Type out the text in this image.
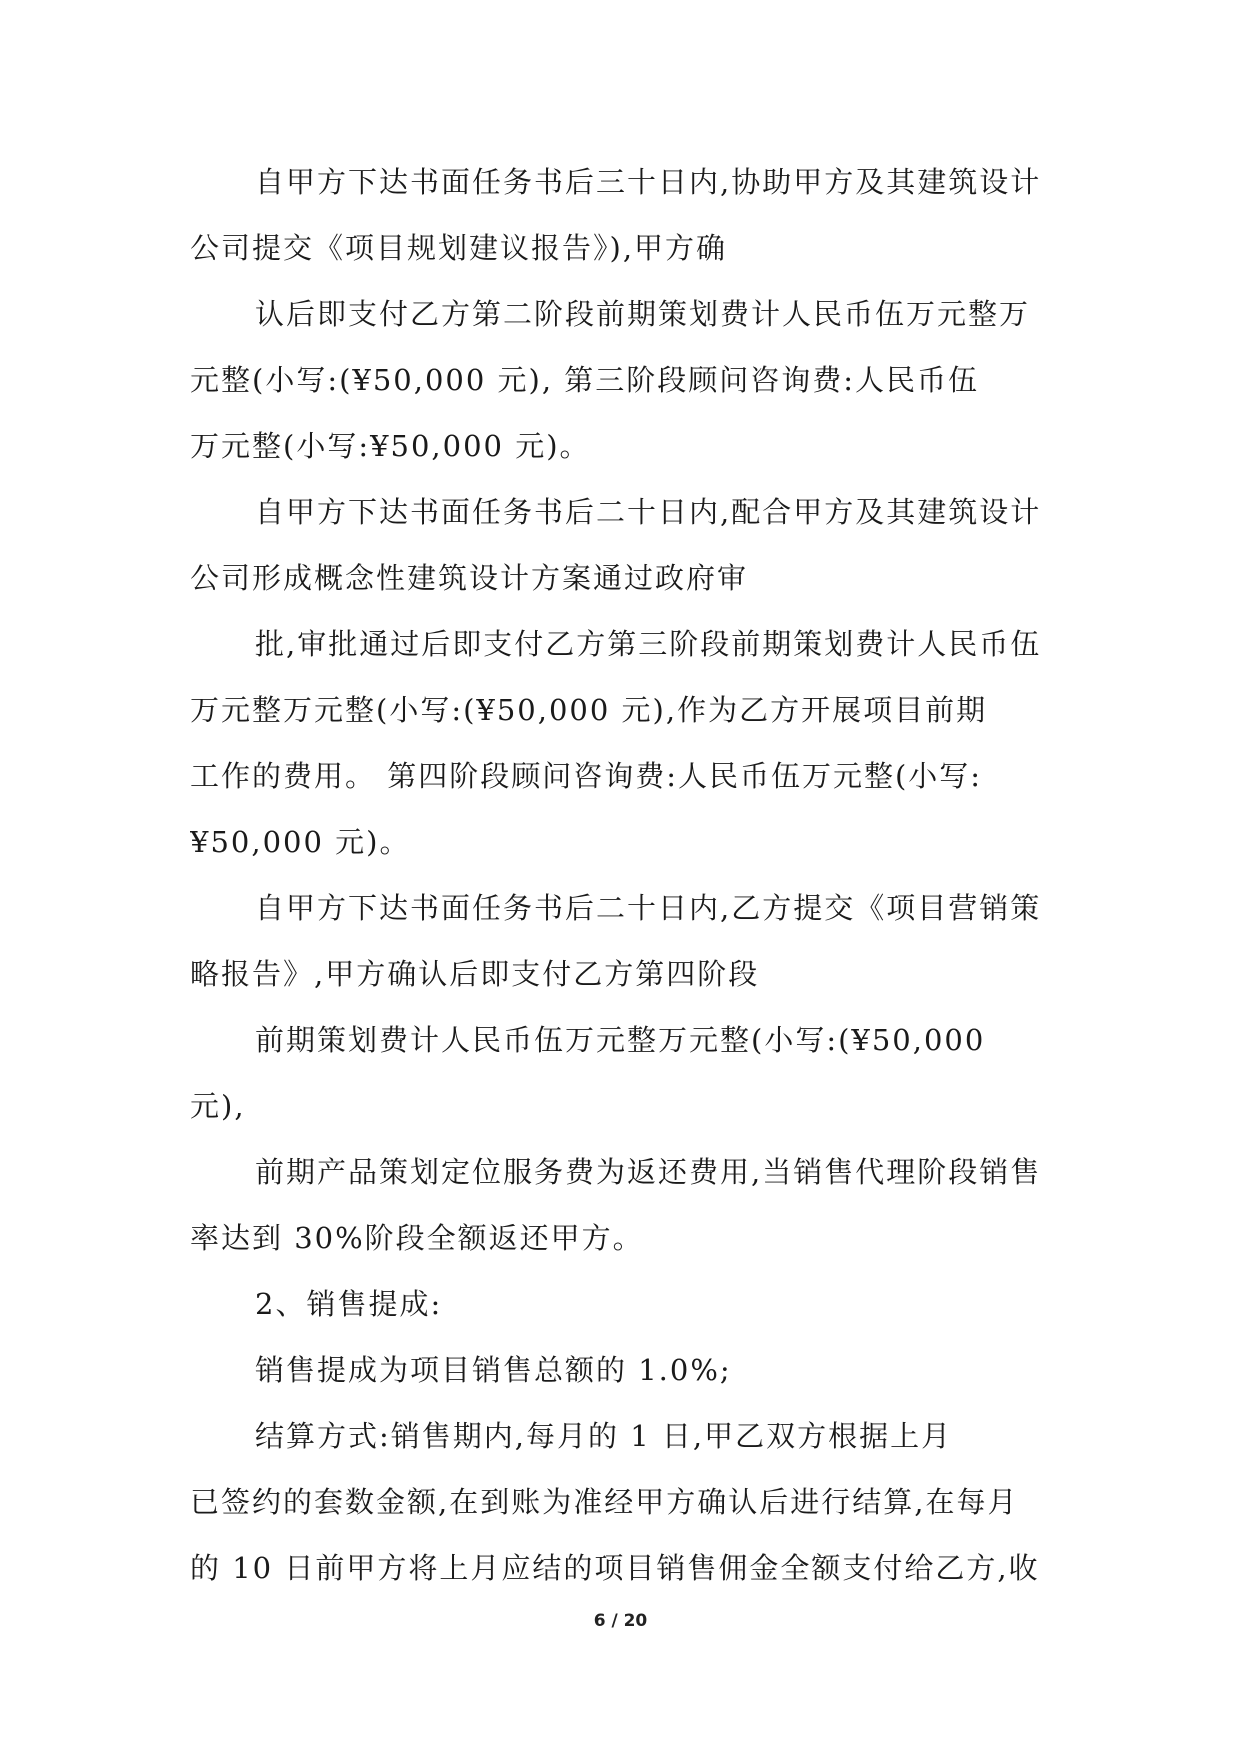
自甲方下达书面任务书后三十日内,协助甲方及其建筑设计
公司提交《项目规划建议报告》),甲方确
认后即支付乙方第二阶段前期策划费计人民币伍万元整万
元整(小写:(¥50,000 元), 第三阶段顾问咨询费:人民币伍
万元整(小写:¥50,000 元)。
自甲方下达书面任务书后二十日内,配合甲方及其建筑设计
公司形成概念性建筑设计方案通过政府审
批,审批通过后即支付乙方第三阶段前期策划费计人民币伍
万元整万元整(小写:(¥50,000 元),作为乙方开展项目前期
工作的费用。 第四阶段顾问咨询费:人民币伍万元整(小写:
¥50,000 元)。
自甲方下达书面任务书后二十日内,乙方提交《项目营销策
略报告》,甲方确认后即支付乙方第四阶段
前期策划费计人民币伍万元整万元整(小写:(¥50,000
元),
前期产品策划定位服务费为返还费用,当销售代理阶段销售
率达到 30%阶段全额返还甲方。
2、销售提成:
销售提成为项目销售总额的 1.0%;
结算方式:销售期内,每月的 1 日,甲乙双方根据上月
已签约的套数金额,在到账为准经甲方确认后进行结算,在每月
的 10 日前甲方将上月应结的项目销售佣金全额支付给乙方,收
6 / 20
